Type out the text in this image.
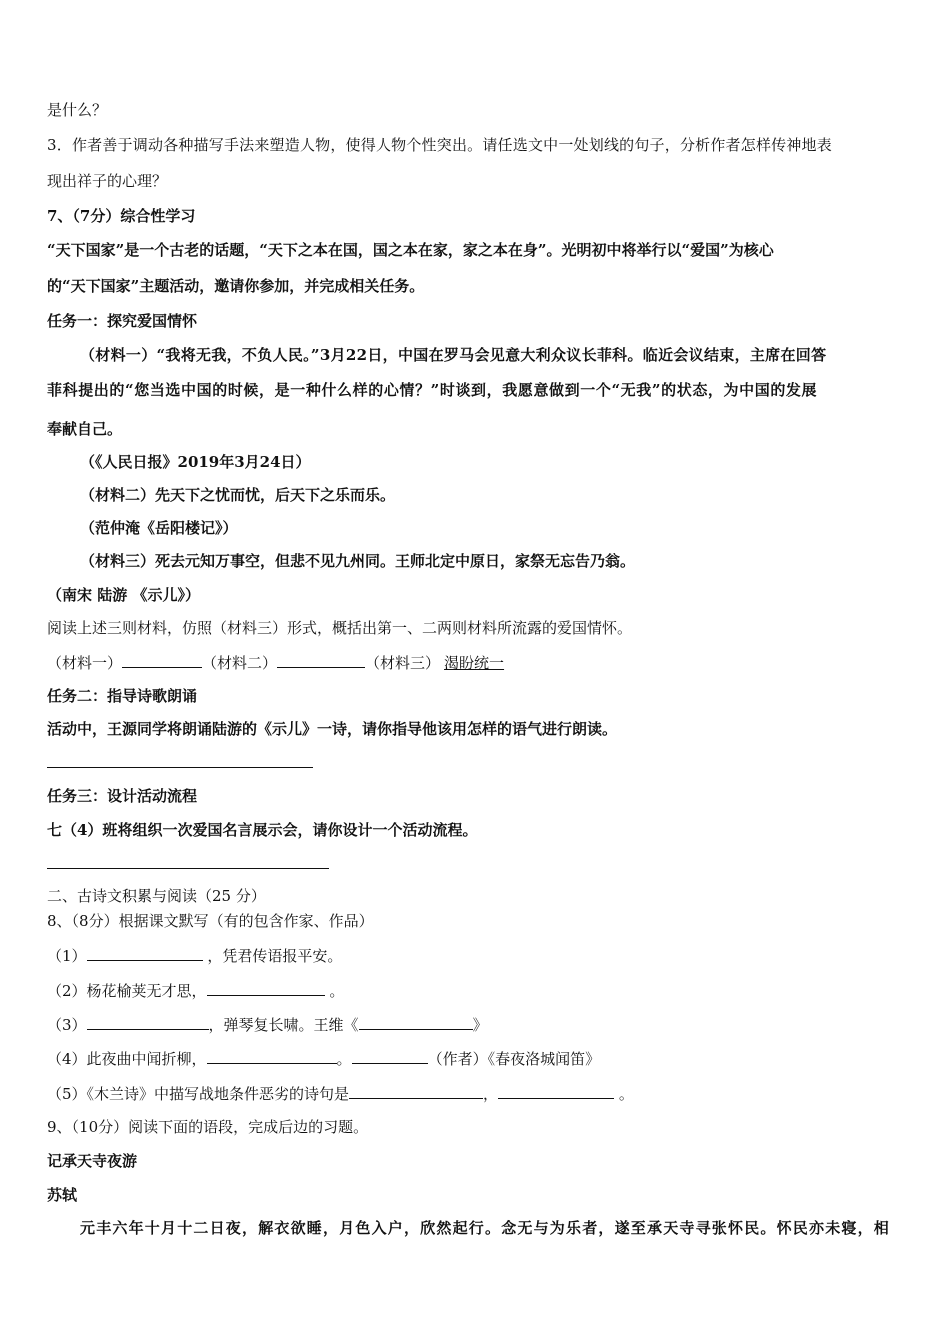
是什么？
3．作者善于调动各种描写手法来塑造人物，使得人物个性突出。请任选文中一处划线的句子，分析作者怎样传神地表
现出祥子的心理？
7、（7分）综合性学习
“天下国家”是一个古老的话题，“天下之本在国，国之本在家，家之本在身”。光明初中将举行以“爱国”为核心
的“天下国家”主题活动，邀请你参加，并完成相关任务。
任务一：探究爱国情怀
（材料一）“我将无我，不负人民。”3月22日，中国在罗马会见意大利众议长菲科。临近会议结束，主席在回答
菲科提出的“您当选中国的时候，是一种什么样的心情？”时谈到，我愿意做到一个“无我”的状态，为中国的发展
奉献自己。
（《人民日报》2019年3月24日）
（材料二）先天下之忧而忧，后天下之乐而乐。
（范仲淹《岳阳楼记》）
（材料三）死去元知万事空，但悲不见九州同。王师北定中原日，家祭无忘告乃翁。
（南宋 陆游 《示儿》）
阅读上述三则材料，仿照（材料三）形式，概括出第一、二两则材料所流露的爱国情怀。
（材料一）	（材料二）	（材料三） 渴盼统一
任务二：指导诗歌朗诵
活动中，王源同学将朗诵陆游的《示儿》一诗，请你指导他该用怎样的语气进行朗读。
任务三：设计活动流程
七（4）班将组织一次爱国名言展示会，请你设计一个活动流程。
二、古诗文积累与阅读（25 分）
8、（8分）根据课文默写（有的包含作家、作品）
（1）	，凭君传语报平安。
（2）杨花榆荚无才思，	。
（3）	，弹琴复长啸。王维《	》
（4）此夜曲中闻折柳，	。	（作者）《春夜洛城闻笛》
（5）《木兰诗》中描写战地条件恶劣的诗句是	，	。
9、（10分）阅读下面的语段，完成后边的习题。
记承天寺夜游
苏轼
元丰六年十月十二日夜，解衣欲睡，月色入户，欣然起行。念无与为乐者，遂至承天寺寻张怀民。怀民亦未寝，相
